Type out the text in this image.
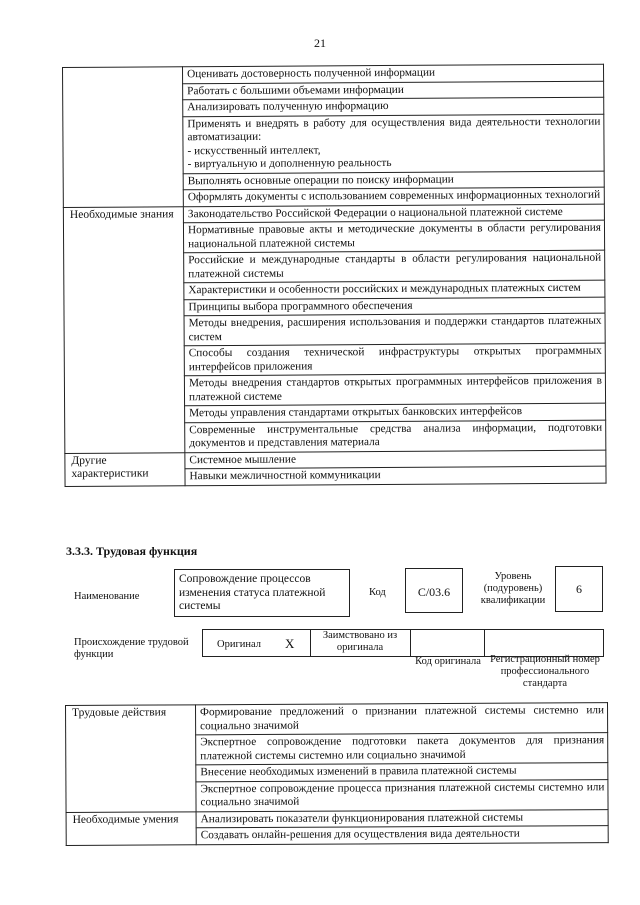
21
	Оценивать достоверность полученной информации
	Работать с большими объемами информации
	Анализировать полученную информацию
	Применять и внедрять в работу для осуществления вида деятельности технологии автоматизации:
- искусственный интеллект,
- виртуальную и дополненную реальность
	Выполнять основные операции по поиску информации
	Оформлять документы с использованием современных информационных технологий
Необходимые знания	Законодательство Российской Федерации о национальной платежной системе
	Нормативные правовые акты и методические документы в области регулирования национальной платежной системы
	Российские и международные стандарты в области регулирования национальной платежной системы
	Характеристики и особенности российских и международных платежных систем
	Принципы выбора программного обеспечения
	Методы внедрения, расширения использования и поддержки стандартов платежных систем
	Способы создания технической инфраструктуры открытых программных интерфейсов приложения
	Методы внедрения стандартов открытых программных интерфейсов приложения в платежной системе
	Методы управления стандартами открытых банковских интерфейсов
	Современные инструментальные средства анализа информации, подготовки документов и представления материала
Другие характеристики	Системное мышление
	Навыки межличностной коммуникации
3.3.3. Трудовая функция
Наименование
Сопровождение процессов изменения статуса платежной системы
Код	C/03.6
Уровень (подуровень) квалификации
6
Происхождение трудовой функции
Оригинал X
Заимствовано из оригинала
Код оригинала Регистрационный номер профессионального стандарта
Трудовые действия	Формирование предложений о признании платежной системы системно или социально значимой
	Экспертное сопровождение подготовки пакета документов для признания платежной системы системно или социально значимой
	Внесение необходимых изменений в правила платежной системы
	Экспертное сопровождение процесса признания платежной системы системно или социально значимой
Необходимые умения	Анализировать показатели функционирования платежной системы
	Создавать онлайн-решения для осуществления вида деятельности
